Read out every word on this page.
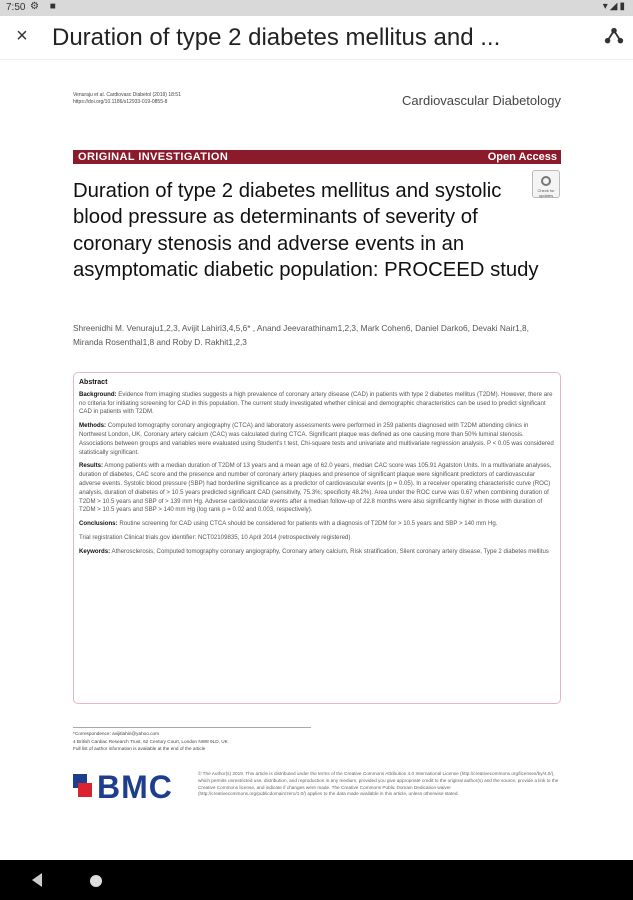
7:50 ⚙ ■	▾◢▮
× Duration of type 2 diabetes mellitus and ...
Venuraju et al. Cardiovasc Diabetol (2019) 18:51
https://doi.org/10.1186/s12933-019-0855-8	Cardiovascular Diabetology
ORIGINAL INVESTIGATION	Open Access
Check for updates
Duration of type 2 diabetes mellitus and systolic blood pressure as determinants of severity of coronary stenosis and adverse events in an asymptomatic diabetic population: PROCEED study
Shreenidhi M. Venuraju1,2,3, Avijit Lahiri3,4,5,6* , Anand Jeevarathinam1,2,3, Mark Cohen6, Daniel Darko6, Devaki Nair1,8, Miranda Rosenthal1,8 and Roby D. Rakhit1,2,3
Abstract

Background: Evidence from imaging studies suggests a high prevalence of coronary artery disease (CAD) in patients with type 2 diabetes mellitus (T2DM). However, there are no criteria for initiating screening for CAD in this population. The current study investigated whether clinical and demographic characteristics can be used to predict significant CAD in patients with T2DM.

Methods: Computed tomography coronary angiography (CTCA) and laboratory assessments were performed in 259 patients diagnosed with T2DM attending clinics in Northwest London, UK. Coronary artery calcium (CAC) was calculated during CTCA. Significant plaque was defined as one causing more than 50% luminal stenosis. Associations between groups and variables were evaluated using Student's t test, Chi-square tests and univariate and multivariate regression analysis. P < 0.05 was considered statistically significant.

Results: Among patients with a median duration of T2DM of 13 years and a mean age of 62.0 years, median CAC score was 105.91 Agatston Units. In a multivariate analyses, duration of diabetes, CAC score and the presence and number of coronary artery plaques and presence of significant plaque were significant predictors of cardiovascular adverse events. Systolic blood pressure (SBP) had borderline significance as a predictor of cardiovascular events (p = 0.05). In a receiver operating characteristic curve (ROC) analysis, duration of diabetes of > 10.5 years predicted significant CAD (sensitivity, 75.3%; specificity 48.2%). Area under the ROC curve was 0.67 when combining duration of T2DM > 10.5 years and SBP of > 139 mm Hg. Adverse cardiovascular events after a median follow-up of 22.8 months were also significantly higher in those with duration of T2DM > 10.5 years and SBP > 140 mm Hg (log rank p = 0.02 and 0.003, respectively).

Conclusions: Routine screening for CAD using CTCA should be considered for patients with a diagnosis of T2DM for > 10.5 years and SBP > 140 mm Hg.

Trial registration Clinical trials.gov identifier: NCT02109835, 10 April 2014 (retrospectively registered)

Keywords: Atherosclerosis, Computed tomography coronary angiography, Coronary artery calcium, Risk stratification, Silent coronary artery disease, Type 2 diabetes mellitus

*Correspondence: avijitlahiri@yahoo.com
4 British Cardiac Research Trust, 62 Century Court, London NW8 9LD, UK
Full list of author information is available at the end of the article
BMC	© The Author(s) 2019. This article is distributed under the terms of the Creative Commons Attribution 4.0 International License (http://creativecommons.org/licenses/by/4.0/), which permits unrestricted use, distribution, and reproduction in any medium, provided you give appropriate credit to the original author(s) and the source, provide a link to the Creative Commons license, and indicate if changes were made. The Creative Commons Public Domain Dedication waiver (http://creativecommons.org/publicdomain/zero/1.0/) applies to the data made available in this article, unless otherwise stated.
